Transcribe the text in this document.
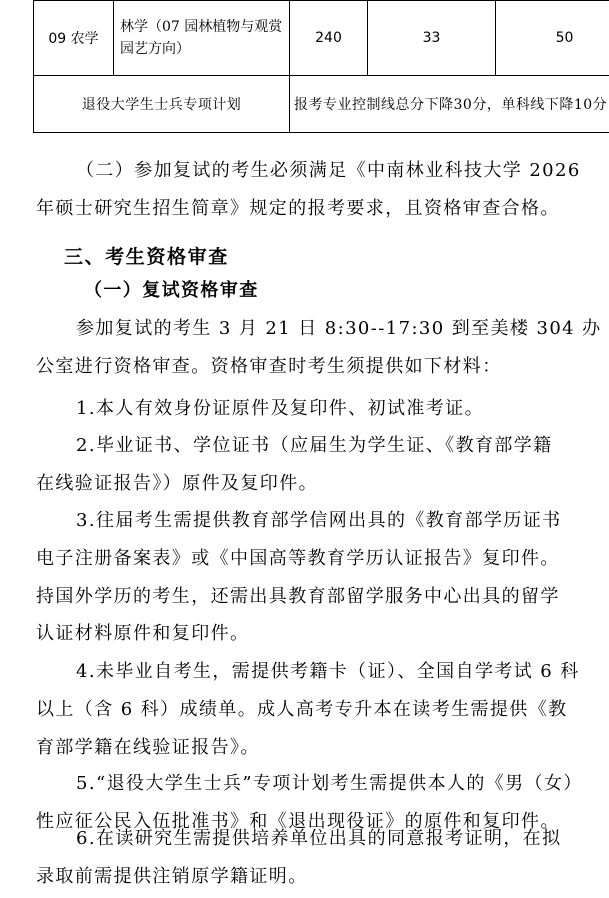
09 农学	林学（07 园林植物与观赏园艺方向）	240	33	50
退役大学生士兵专项计划		报考专业控制线总分下降30分，单科线下降10分		

（二）参加复试的考生必须满足《中南林业科技大学 2026
年硕士研究生招生简章》规定的报考要求，且资格审查合格。

三、考生资格审查
（一）复试资格审查

参加复试的考生 3 月 21 日 8:30--17:30 到至美楼 304 办
公室进行资格审查。资格审查时考生须提供如下材料：

1.本人有效身份证原件及复印件、初试准考证。

2.毕业证书、学位证书（应届生为学生证、《教育部学籍
在线验证报告》）原件及复印件。

3.往届考生需提供教育部学信网出具的《教育部学历证书
电子注册备案表》或《中国高等教育学历认证报告》复印件。
持国外学历的考生，还需出具教育部留学服务中心出具的留学
认证材料原件和复印件。

4.未毕业自考生，需提供考籍卡（证）、全国自学考试 6 科
以上（含 6 科）成绩单。成人高考专升本在读考生需提供《教
育部学籍在线验证报告》。

5.“退役大学生士兵”专项计划考生需提供本人的《男（女）
性应征公民入伍批准书》和《退出现役证》的原件和复印件。

6.在读研究生需提供培养单位出具的同意报考证明，在拟
录取前需提供注销原学籍证明。
